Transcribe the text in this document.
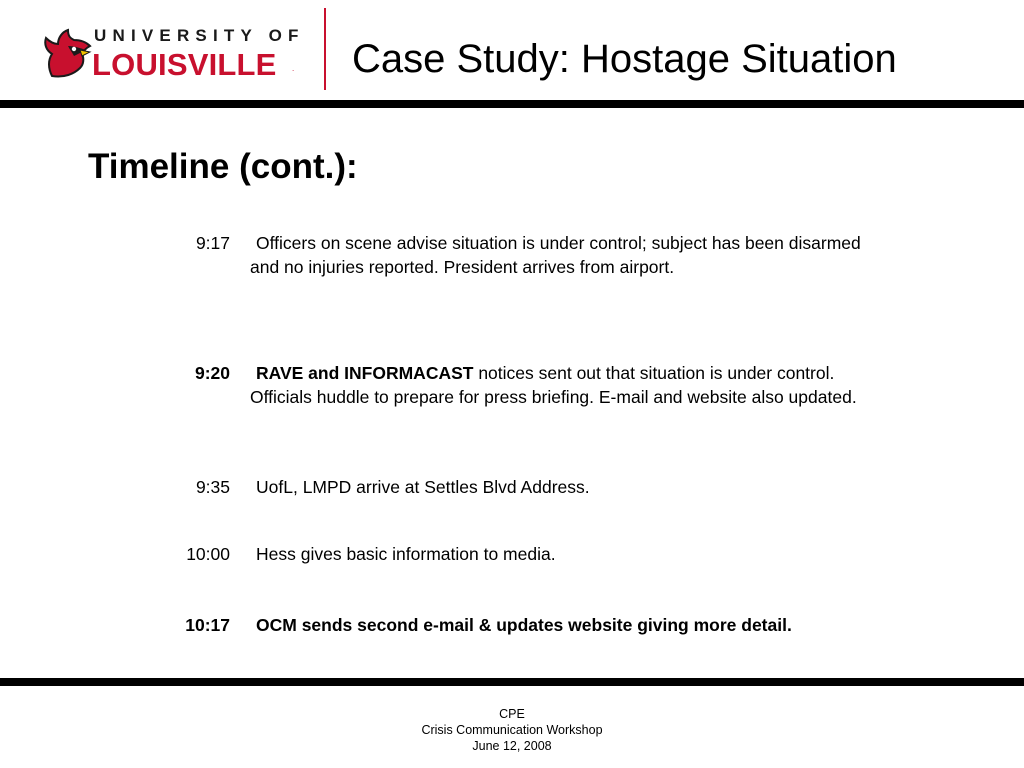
UNIVERSITY OF
LOUISVILLE . Case Study: Hostage Situation
Timeline (cont.):
9:17	Officers on scene advise situation is under control; subject has been disarmed
and no injuries reported. President arrives from airport.
9:20	RAVE and INFORMACAST notices sent out that situation is under control.
Officials huddle to prepare for press briefing. E-mail and website also updated.
9:35	UofL, LMPD arrive at Settles Blvd Address.
10:00	Hess gives basic information to media.
10:17	OCM sends second e-mail & updates website giving more detail.
CPE
Crisis Communication Workshop
June 12, 2008
